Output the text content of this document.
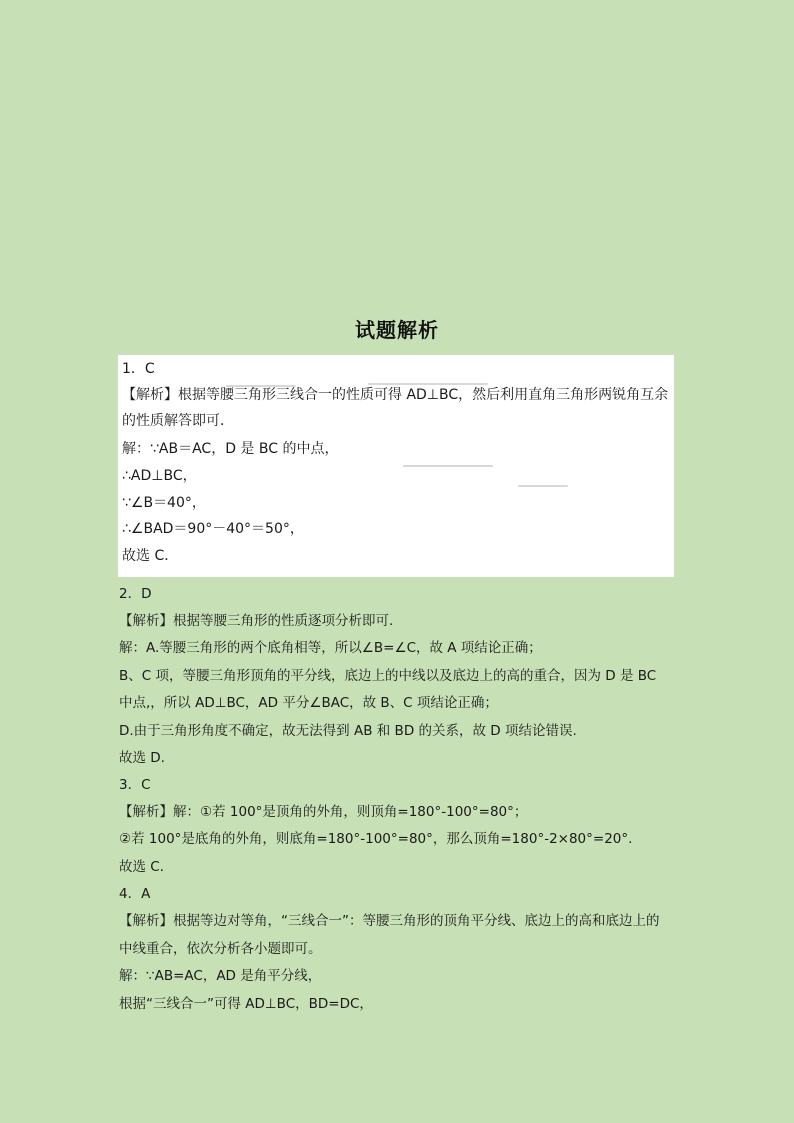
试题解析
1．C
【解析】根据等腰三角形三线合一的性质可得 AD⊥BC，然后利用直角三角形两锐角互余
的性质解答即可．
解：∵AB＝AC，D 是 BC 的中点，
∴AD⊥BC，
∵∠B＝40°，
∴∠BAD＝90°－40°＝50°，
故选 C．
2．D
【解析】根据等腰三角形的性质逐项分析即可.
解：A.等腰三角形的两个底角相等，所以∠B=∠C，故 A 项结论正确；
B、C 项，等腰三角形顶角的平分线，底边上的中线以及底边上的高的重合，因为 D 是 BC
中点,，所以 AD⊥BC，AD 平分∠BAC，故 B、C 项结论正确；
D.由于三角形角度不确定，故无法得到 AB 和 BD 的关系，故 D 项结论错误.
故选 D.
3．C
【解析】解：①若 100°是顶角的外角，则顶角=180°-100°=80°；
②若 100°是底角的外角，则底角=180°-100°=80°，那么顶角=180°-2×80°=20°.
故选 C．
4．A
【解析】根据等边对等角，“三线合一”：等腰三角形的顶角平分线、底边上的高和底边上的
中线重合，依次分析各小题即可。
解：∵AB=AC，AD 是角平分线，
根据“三线合一”可得 AD⊥BC，BD=DC，
